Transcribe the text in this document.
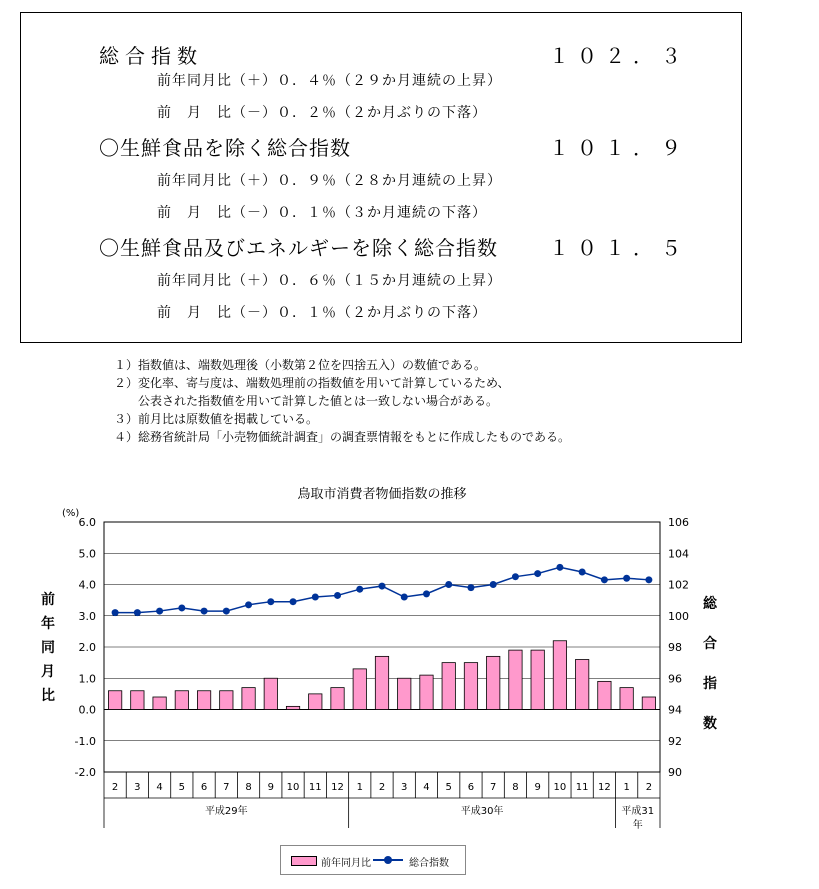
総合指数	１０２．３
前年同月比（＋）０．４％（２９か月連続の上昇）
前　月　比（－）０．２％（２か月ぶりの下落）
〇生鮮食品を除く総合指数	１０１．９
前年同月比（＋）０．９％（２８か月連続の上昇）
前　月　比（－）０．１％（３か月連続の下落）
〇生鮮食品及びエネルギーを除く総合指数	１０１．５
前年同月比（＋）０．６％（１５か月連続の上昇）
前　月　比（－）０．１％（２か月ぶりの下落）
１）指数値は、端数処理後（小数第２位を四捨五入）の数値である。
２）変化率、寄与度は、端数処理前の指数値を用いて計算しているため、
　　公表された指数値を用いて計算した値とは一致しない場合がある。
３）前月比は原数値を掲載している。
４）総務省統計局「小売物価統計調査」の調査票情報をもとに作成したものである。
鳥取市消費者物価指数の推移
6.0
5.0
4.0
3.0
2.0
1.0
0.0
-1.0
-2.0
106
104
102
100
98
96
94
92
90
(%)
前
年
同
月
比
総
合
指
数
2 3 4 5 6 7 8 9 10 11 12 1 2 3 4 5 6 7 8 9 10 11 12 1 2
平成29年	平成30年	平成31 年
前年同月比	総合指数
